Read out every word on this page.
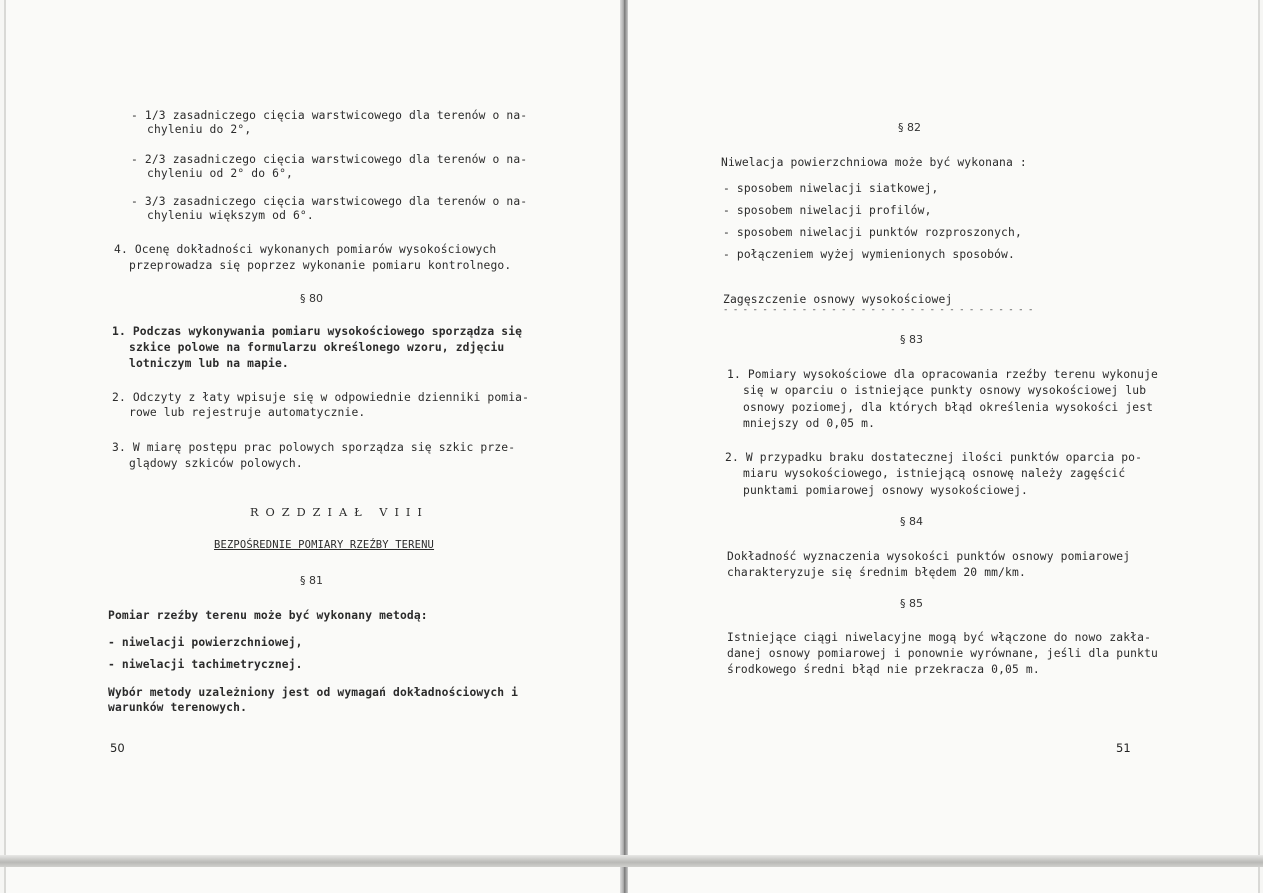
- 1/3 zasadniczego cięcia warstwicowego dla terenów o na-
chyleniu do 2°,
- 2/3 zasadniczego cięcia warstwicowego dla terenów o na-
chyleniu od 2° do 6°,
- 3/3 zasadniczego cięcia warstwicowego dla terenów o na-
chyleniu większym od 6°.
4. Ocenę dokładności wykonanych pomiarów wysokościowych
przeprowadza się poprzez wykonanie pomiaru kontrolnego.
§ 80
1. Podczas wykonywania pomiaru wysokościowego sporządza się
szkice polowe na formularzu określonego wzoru, zdjęciu
lotniczym lub na mapie.
2. Odczyty z łaty wpisuje się w odpowiednie dzienniki pomia-
rowe lub rejestruje automatycznie.
3. W miarę postępu prac polowych sporządza się szkic prze-
glądowy szkiców polowych.
ROZDZIAŁ VIII
BEZPOŚREDNIE POMIARY RZEŹBY TERENU
§ 81
Pomiar rzeźby terenu może być wykonany metodą:
- niwelacji powierzchniowej,
- niwelacji tachimetrycznej.
Wybór metody uzależniony jest od wymagań dokładnościowych i
warunków terenowych.
50
§ 82
Niwelacja powierzchniowa może być wykonana :
- sposobem niwelacji siatkowej,
- sposobem niwelacji profilów,
- sposobem niwelacji punktów rozproszonych,
- połączeniem wyżej wymienionych sposobów.
Zagęszczenie osnowy wysokościowej
- - - - - - - - - - - - - - - - - - - - - - - - - - - - - - - -
§ 83
1. Pomiary wysokościowe dla opracowania rzeźby terenu wykonuje
się w oparciu o istniejące punkty osnowy wysokościowej lub
osnowy poziomej, dla których błąd określenia wysokości jest
mniejszy od 0,05 m.
2. W przypadku braku dostatecznej ilości punktów oparcia po-
miaru wysokościowego, istniejącą osnowę należy zagęścić
punktami pomiarowej osnowy wysokościowej.
§ 84
Dokładność wyznaczenia wysokości punktów osnowy pomiarowej
charakteryzuje się średnim błędem 20 mm/km.
§ 85
Istniejące ciągi niwelacyjne mogą być włączone do nowo zakła-
danej osnowy pomiarowej i ponownie wyrównane, jeśli dla punktu
środkowego średni błąd nie przekracza 0,05 m.
51
